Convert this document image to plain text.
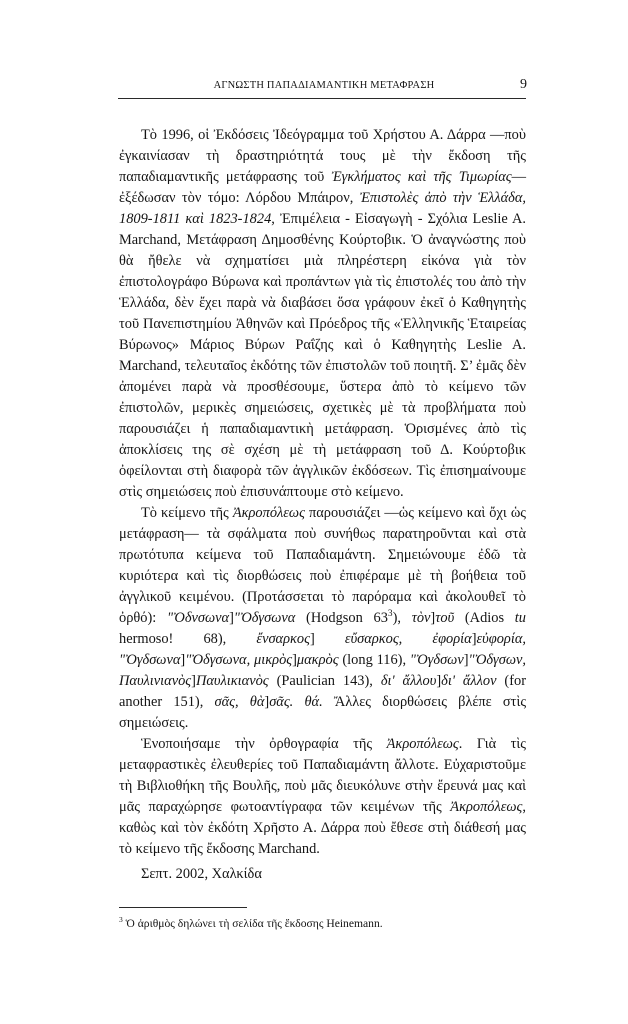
ΑΓΝΩΣΤΗ ΠΑΠΑΔΙΑΜΑΝΤΙΚΗ ΜΕΤΑΦΡΑΣΗ	9

Τὸ 1996, οἱ Ἐκδόσεις Ἰδεόγραμμα τοῦ Χρήστου Α. Δάρρα —ποὺ ἐγκαινίασαν τὴ δραστηριότητά τους μὲ τὴν ἔκδοση τῆς παπαδιαμαντικῆς μετάφρασης τοῦ Ἐγκλήματος καὶ τῆς Τιμωρίας— ἐξέδωσαν τὸν τόμο: Λόρδου Μπάιρον, Ἐπιστολὲς ἀπὸ τὴν Ἑλλάδα, 1809-1811 καὶ 1823-1824, Ἐπιμέλεια - Εἰσαγωγὴ - Σχόλια Leslie A. Marchand, Μετάφραση Δημοσθένης Κούρτοβικ. Ὁ ἀναγνώστης ποὺ θὰ ἤθελε νὰ σχηματίσει μιὰ πληρέστερη εἰκόνα γιὰ τὸν ἐπιστολογράφο Βύρωνα καὶ προπάντων γιὰ τὶς ἐπιστολές του ἀπὸ τὴν Ἑλλάδα, δὲν ἔχει παρὰ νὰ διαβάσει ὅσα γράφουν ἐκεῖ ὁ Καθηγητὴς τοῦ Πανεπιστημίου Ἀθηνῶν καὶ Πρόεδρος τῆς «Ἑλληνικῆς Ἑταιρείας Βύρωνος» Μάριος Βύρων Ραΐζης καὶ ὁ Καθηγητὴς Leslie A. Marchand, τελευταῖος ἐκδότης τῶν ἐπιστολῶν τοῦ ποιητῆ. Σ’ ἐμᾶς δὲν ἀπομένει παρὰ νὰ προσθέσουμε, ὕστερα ἀπὸ τὸ κείμενο τῶν ἐπιστολῶν, μερικὲς σημειώσεις, σχετικὲς μὲ τὰ προβλήματα ποὺ παρουσιάζει ἡ παπαδιαμαντικὴ μετάφραση. Ὁρισμένες ἀπὸ τὶς ἀποκλίσεις της σὲ σχέση μὲ τὴ μετάφραση τοῦ Δ. Κούρτοβικ ὀφείλονται στὴ διαφορὰ τῶν ἀγγλικῶν ἐκδόσεων. Τὶς ἐπισημαίνουμε στὶς σημειώσεις ποὺ ἐπισυνάπτουμε στὸ κείμενο.

Τὸ κείμενο τῆς Ἀκροπόλεως παρουσιάζει —ὡς κείμενο καὶ ὄχι ὡς μετάφραση— τὰ σφάλματα ποὺ συνήθως παρατηροῦνται καὶ στὰ πρωτότυπα κείμενα τοῦ Παπαδιαμάντη. Σημειώνουμε ἐδῶ τὰ κυριότερα καὶ τὶς διορθώσεις ποὺ ἐπιφέραμε μὲ τὴ βοήθεια τοῦ ἀγγλικοῦ κειμένου. (Προτάσσεται τὸ παρόραμα καὶ ἀκολουθεῖ τὸ ὀρθό): "Ὀδνσωνα]"Ὀδγσωνα (Hodgson $63^3$), τὸν]τοῦ (Adios tu hermoso! 68), ἔνσαρκος] εὔσαρκος, ἐφορία]εὐφορία, "Ὀγδσωνα]"Ὀδγσωνα, μικρὸς]μακρὸς (long 116), "Ὀγδσων]"Ὀδγσων, Παυλινιανὸς]Παυλικιανὸς (Paulician 143), δι' ἄλλου]δι' ἄλλον (for another 151), σᾶς, θὰ]σᾶς. θά. Ἄλλες διορθώσεις βλέπε στὶς σημειώσεις.

Ἑνοποιήσαμε τὴν ὀρθογραφία τῆς Ἀκροπόλεως. Γιὰ τὶς μεταφραστικὲς ἐλευθερίες τοῦ Παπαδιαμάντη ἄλλοτε. Εὐχαριστοῦμε τὴ Βιβλιοθήκη τῆς Βουλῆς, ποὺ μᾶς διευκόλυνε στὴν ἔρευνά μας καὶ μᾶς παραχώρησε φωτοαντίγραφα τῶν κειμένων τῆς Ἀκροπόλεως, καθὼς καὶ τὸν ἐκδότη Χρῆστο Α. Δάρρα ποὺ ἔθεσε στὴ διάθεσή μας τὸ κείμενο τῆς ἔκδοσης Marchand.

Σεπτ. 2002, Χαλκίδα

$^3$ Ὁ ἀριθμὸς δηλώνει τὴ σελίδα τῆς ἔκδοσης Heinemann.
